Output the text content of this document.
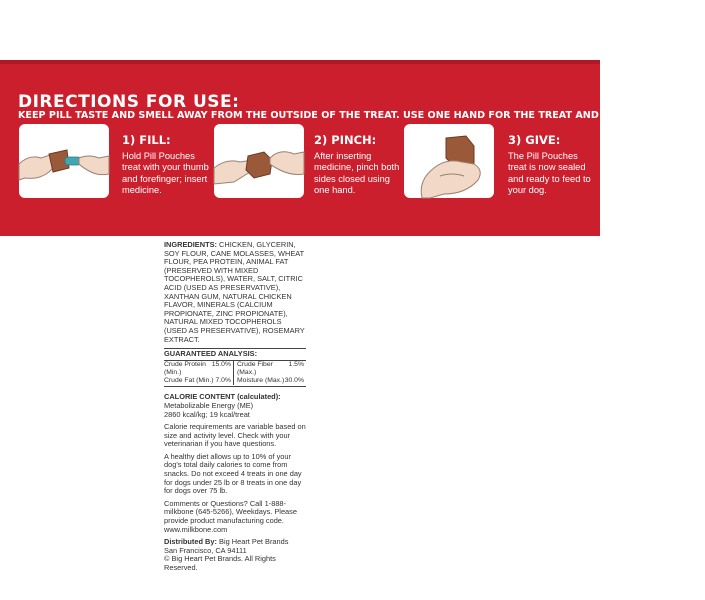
DIRECTIONS FOR USE:
KEEP PILL TASTE AND SMELL AWAY FROM THE OUTSIDE OF THE TREAT. USE ONE HAND FOR THE TREAT AND ONE FOR THE PILL.
1) FILL:
Hold Pill Pouches treat with your thumb and forefinger; insert medicine.
2) PINCH:
After inserting medicine, pinch both sides closed using one hand.
3) GIVE:
The Pill Pouches treat is now sealed and ready to feed to your dog.
INGREDIENTS: CHICKEN, GLYCERIN, SOY FLOUR, CANE MOLASSES, WHEAT FLOUR, PEA PROTEIN, ANIMAL FAT (PRESERVED WITH MIXED TOCOPHEROLS), WATER, SALT, CITRIC ACID (USED AS PRESERVATIVE), XANTHAN GUM, NATURAL CHICKEN FLAVOR, MINERALS (CALCIUM PROPIONATE, ZINC PROPIONATE), NATURAL MIXED TOCOPHEROLS (USED AS PRESERVATIVE), ROSEMARY EXTRACT.
GUARANTEED ANALYSIS:
Crude Protein (Min.)
15.0% Crude Fiber (Max.)
1.5%
Crude Fat (Min.) 7.0% Moisture (Max.) 30.0%
CALORIE CONTENT (calculated):
Metabolizable Energy (ME)
2860 kcal/kg; 19 kcal/treat
Calorie requirements are variable based on size and activity level. Check with your veterinarian if you have questions.
A healthy diet allows up to 10% of your dog's total daily calories to come from snacks. Do not exceed 4 treats in one day for dogs under 25 lb or 8 treats in one day for dogs over 75 lb.
Comments or Questions? Call 1-888-milkbone (645-5266), Weekdays. Please provide product manufacturing code. www.milkbone.com
Distributed By: Big Heart Pet Brands
San Francisco, CA 94111
© Big Heart Pet Brands. All Rights Reserved.
